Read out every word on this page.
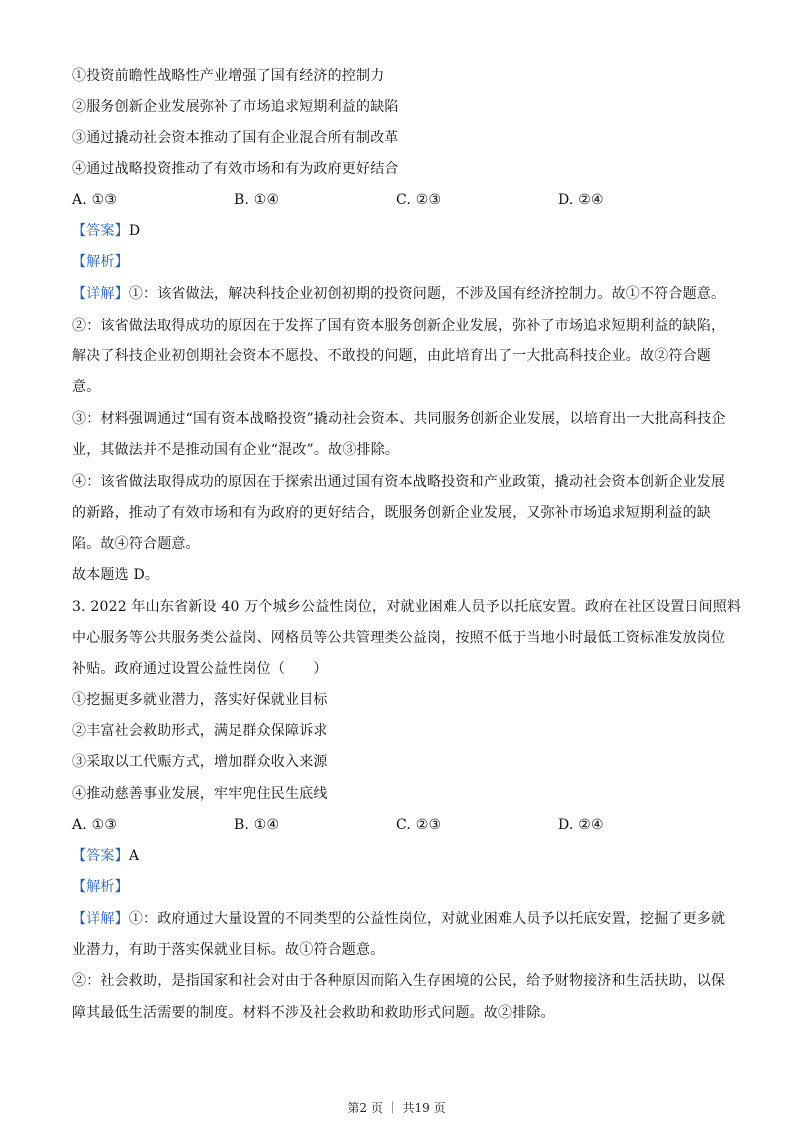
①投资前瞻性战略性产业增强了国有经济的控制力
②服务创新企业发展弥补了市场追求短期利益的缺陷
③通过撬动社会资本推动了国有企业混合所有制改革
④通过战略投资推动了有效市场和有为政府更好结合
A. ①③	B. ①④	C. ②③	D. ②④
【答案】D
【解析】
【详解】①：该省做法，解决科技企业初创初期的投资问题，不涉及国有经济控制力。故①不符合题意。
②：该省做法取得成功的原因在于发挥了国有资本服务创新企业发展，弥补了市场追求短期利益的缺陷，
解决了科技企业初创期社会资本不愿投、不敢投的问题，由此培育出了一大批高科技企业。故②符合题
意。
③：材料强调通过“国有资本战略投资”撬动社会资本、共同服务创新企业发展，以培育出一大批高科技企
业，其做法并不是推动国有企业“混改”。故③排除。
④：该省做法取得成功的原因在于探索出通过国有资本战略投资和产业政策，撬动社会资本创新企业发展
的新路，推动了有效市场和有为政府的更好结合，既服务创新企业发展，又弥补市场追求短期利益的缺
陷。故④符合题意。
故本题选 D。
3. 2022 年山东省新设 40 万个城乡公益性岗位，对就业困难人员予以托底安置。政府在社区设置日间照料
中心服务等公共服务类公益岗、网格员等公共管理类公益岗，按照不低于当地小时最低工资标准发放岗位
补贴。政府通过设置公益性岗位（　　）
①挖掘更多就业潜力，落实好保就业目标
②丰富社会救助形式，满足群众保障诉求
③采取以工代赈方式，增加群众收入来源
④推动慈善事业发展，牢牢兜住民生底线
A. ①③	B. ①④	C. ②③	D. ②④
【答案】A
【解析】
【详解】①：政府通过大量设置的不同类型的公益性岗位，对就业困难人员予以托底安置，挖掘了更多就
业潜力，有助于落实保就业目标。故①符合题意。
②：社会救助，是指国家和社会对由于各种原因而陷入生存困境的公民，给予财物接济和生活扶助，以保
障其最低生活需要的制度。材料不涉及社会救助和救助形式问题。故②排除。
第2 页 ｜ 共19 页
